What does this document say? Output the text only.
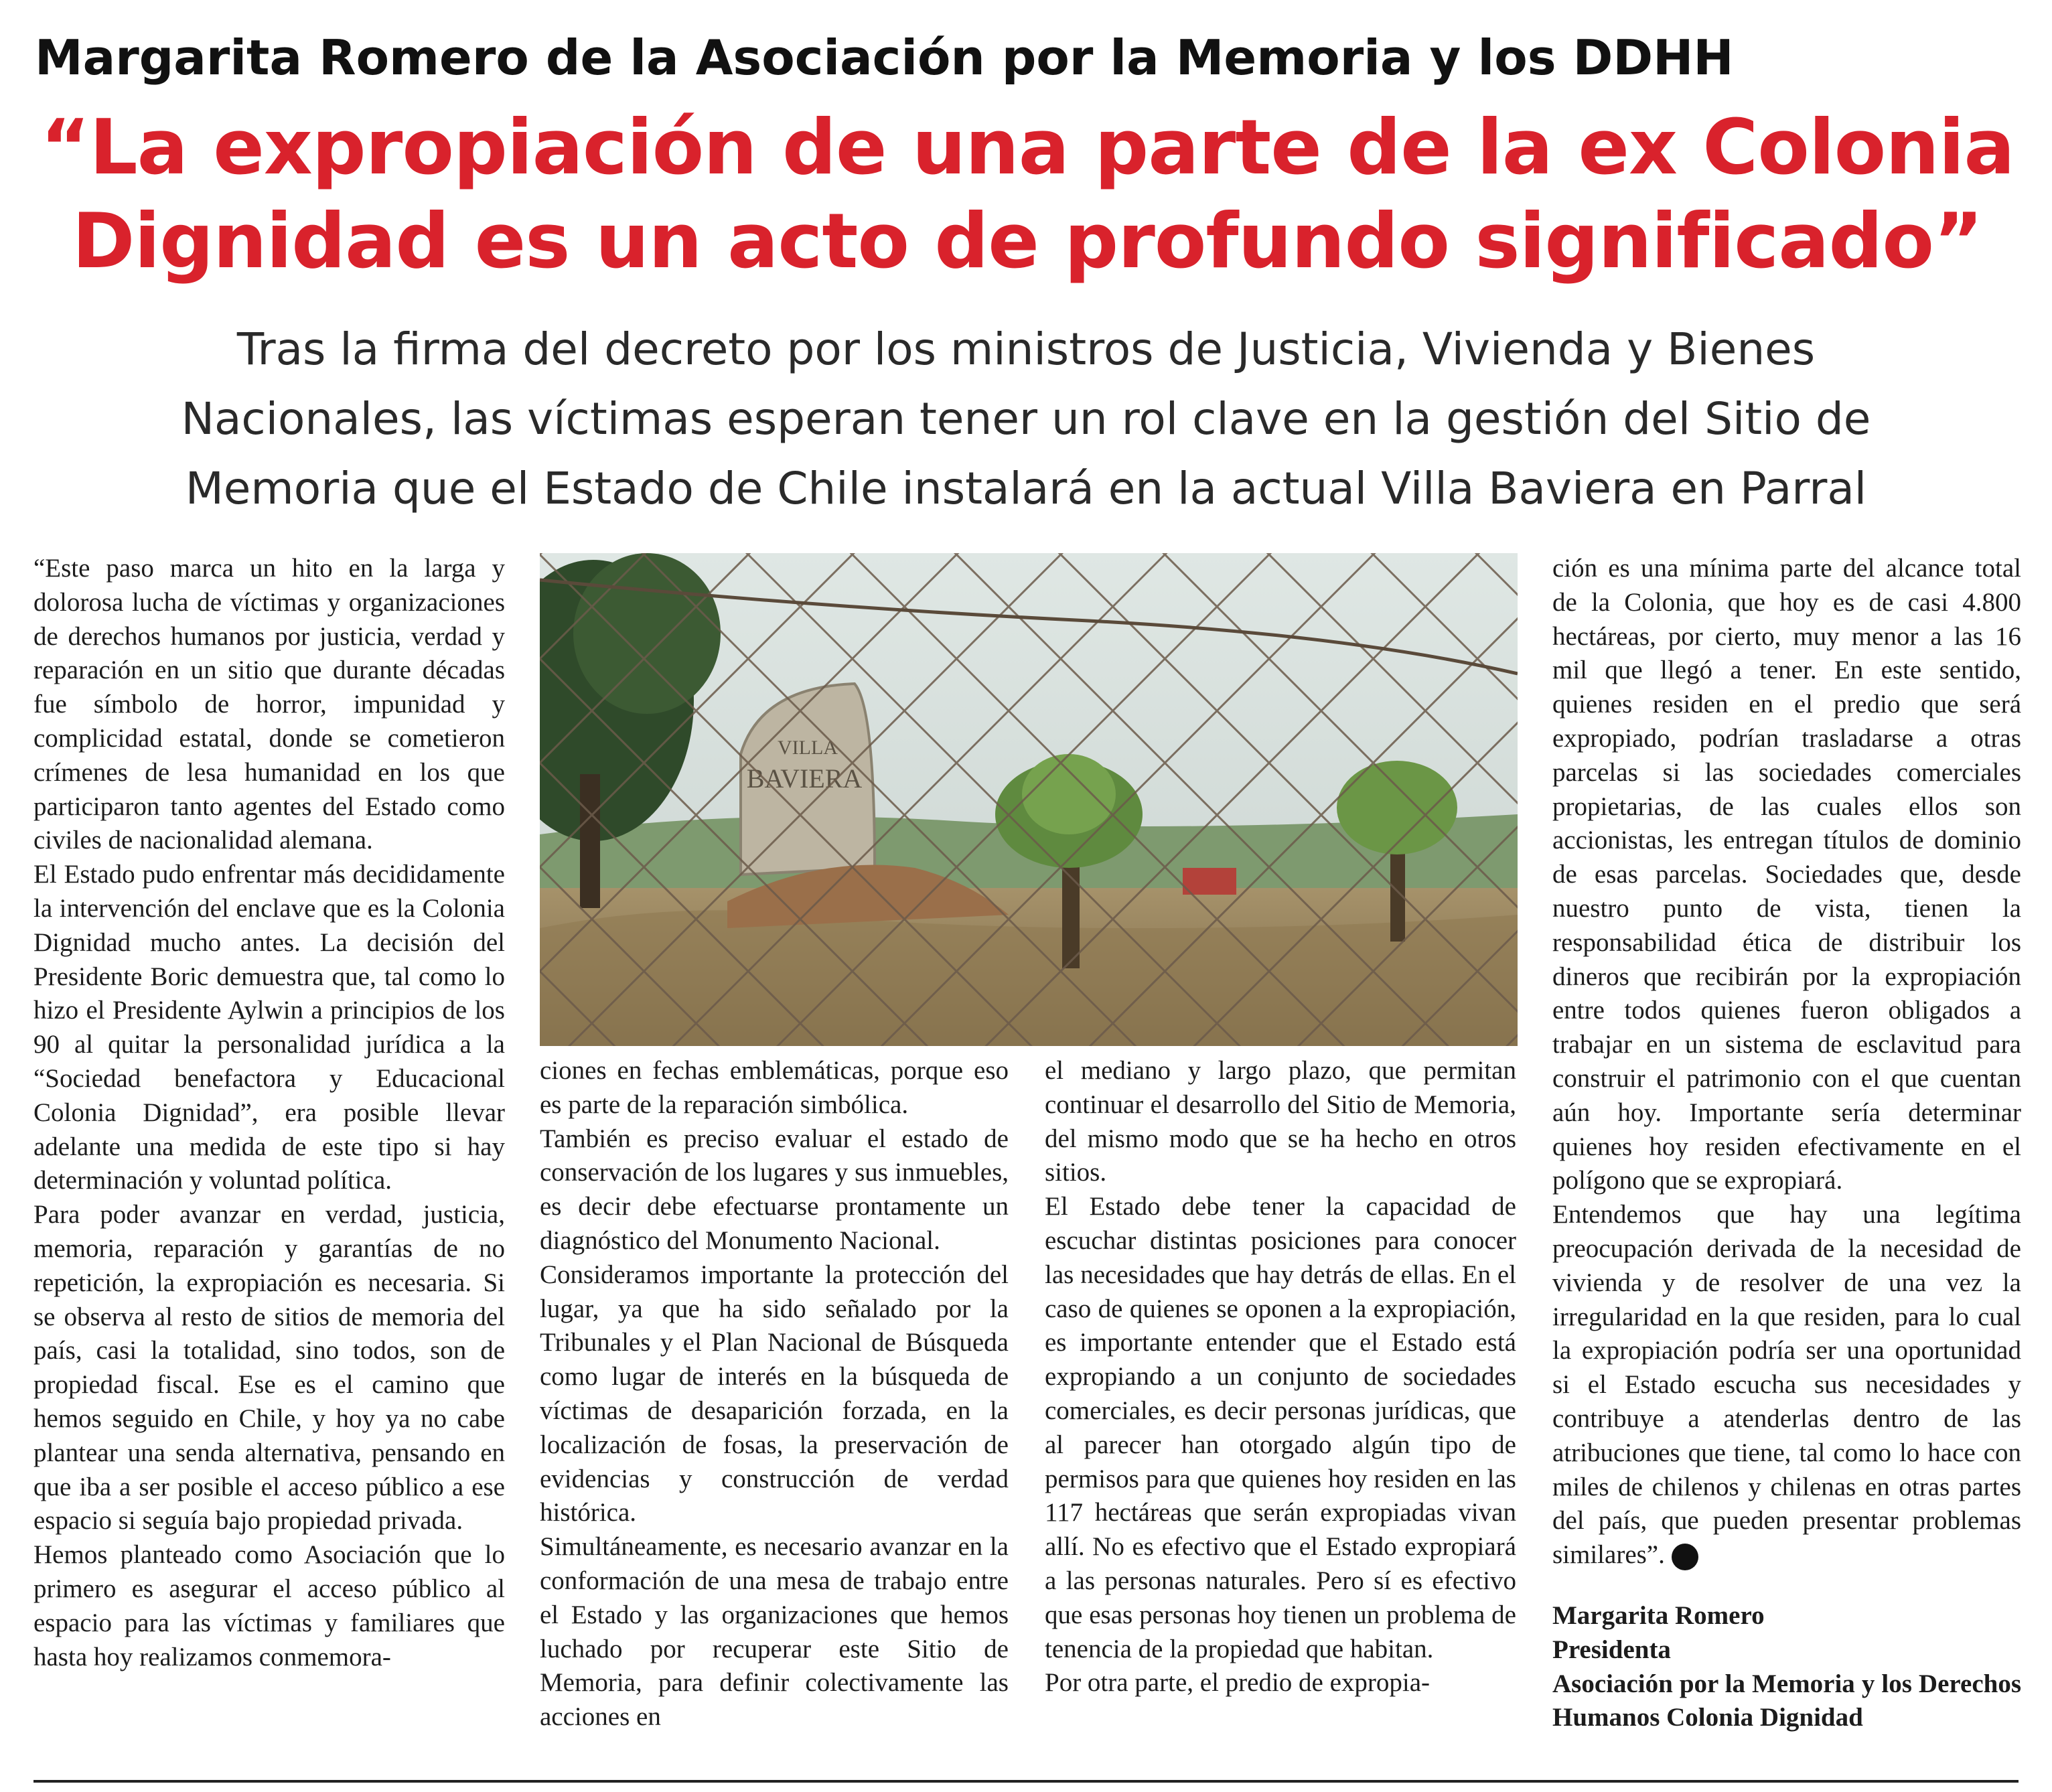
Margarita Romero de la Asociación por la Memoria y los DDHH
“La expropiación de una parte de la ex Colonia
Dignidad es un acto de profundo significado”
Tras la firma del decreto por los ministros de Justicia, Vivienda y Bienes
Nacionales, las víctimas esperan tener un rol clave en la gestión del Sitio de
Memoria que el Estado de Chile instalará en la actual Villa Baviera en Parral

“Este paso marca un hito en la larga y dolorosa lucha de víctimas y organizaciones de derechos humanos por justicia, verdad y reparación en un sitio que durante décadas fue símbolo de horror, impunidad y complicidad estatal, donde se cometieron crímenes de lesa humanidad en los que participaron tanto agentes del Estado como civiles de nacionalidad alemana.

El Estado pudo enfrentar más decididamente la intervención del enclave que es la Colonia Dignidad mucho antes. La decisión del Presidente Boric demuestra que, tal como lo hizo el Presidente Aylwin a principios de los 90 al quitar la personalidad jurídica a la “Sociedad benefactora y Educacional Colonia Dignidad”, era posible llevar adelante una medida de este tipo si hay determinación y voluntad política.

Para poder avanzar en verdad, justicia, memoria, reparación y garantías de no repetición, la expropiación es necesaria. Si se observa al resto de sitios de memoria del país, casi la totalidad, sino todos, son de propiedad fiscal. Ese es el camino que hemos seguido en Chile, y hoy ya no cabe plantear una senda alternativa, pensando en que iba a ser posible el acceso público a ese espacio si seguía bajo propiedad privada.

Hemos planteado como Asociación que lo primero es asegurar el acceso público al espacio para las víctimas y familiares que hasta hoy realizamos conmemora-

ciones en fechas emblemáticas, porque eso es parte de la reparación simbólica.

También es preciso evaluar el estado de conservación de los lugares y sus inmuebles, es decir debe efectuarse prontamente un diagnóstico del Monumento Nacional.

Consideramos importante la protección del lugar, ya que ha sido señalado por la Tribunales y el Plan Nacional de Búsqueda como lugar de interés en la búsqueda de víctimas de desaparición forzada, en la localización de fosas, la preservación de evidencias y construcción de verdad histórica.

Simultáneamente, es necesario avanzar en la conformación de una mesa de trabajo entre el Estado y las organizaciones que hemos luchado por recuperar este Sitio de Memoria, para definir colectivamente las acciones en

el mediano y largo plazo, que permitan continuar el desarrollo del Sitio de Memoria, del mismo modo que se ha hecho en otros sitios.

El Estado debe tener la capacidad de escuchar distintas posiciones para conocer las necesidades que hay detrás de ellas. En el caso de quienes se oponen a la expropiación, es importante entender que el Estado está expropiando a un conjunto de sociedades comerciales, es decir personas jurídicas, que al parecer han otorgado algún tipo de permisos para que quienes hoy residen en las 117 hectáreas que serán expropiadas vivan allí. No es efectivo que el Estado expropiará a las personas naturales. Pero sí es efectivo que esas personas hoy tienen un problema de tenencia de la propiedad que habitan.

Por otra parte, el predio de expropia-

ción es una mínima parte del alcance total de la Colonia, que hoy es de casi 4.800 hectáreas, por cierto, muy menor a las 16 mil que llegó a tener. En este sentido, quienes residen en el predio que será expropiado, podrían trasladarse a otras parcelas si las sociedades comerciales propietarias, de las cuales ellos son accionistas, les entregan títulos de dominio de esas parcelas. Sociedades que, desde nuestro punto de vista, tienen la responsabilidad ética de distribuir los dineros que recibirán por la expropiación entre todos quienes fueron obligados a trabajar en un sistema de esclavitud para construir el patrimonio con el que cuentan aún hoy. Importante sería determinar quienes hoy residen efectivamente en el polígono que se expropiará.

Entendemos que hay una legítima preocupación derivada de la necesidad de vivienda y de resolver de una vez la irregularidad en la que residen, para lo cual la expropiación podría ser una oportunidad si el Estado escucha sus necesidades y contribuye a atenderlas dentro de las atribuciones que tiene, tal como lo hace con miles de chilenos y chilenas en otras partes del país, que pueden presentar problemas similares”.

Margarita Romero
Presidenta
Asociación por la Memoria y los Derechos Humanos Colonia Dignidad
